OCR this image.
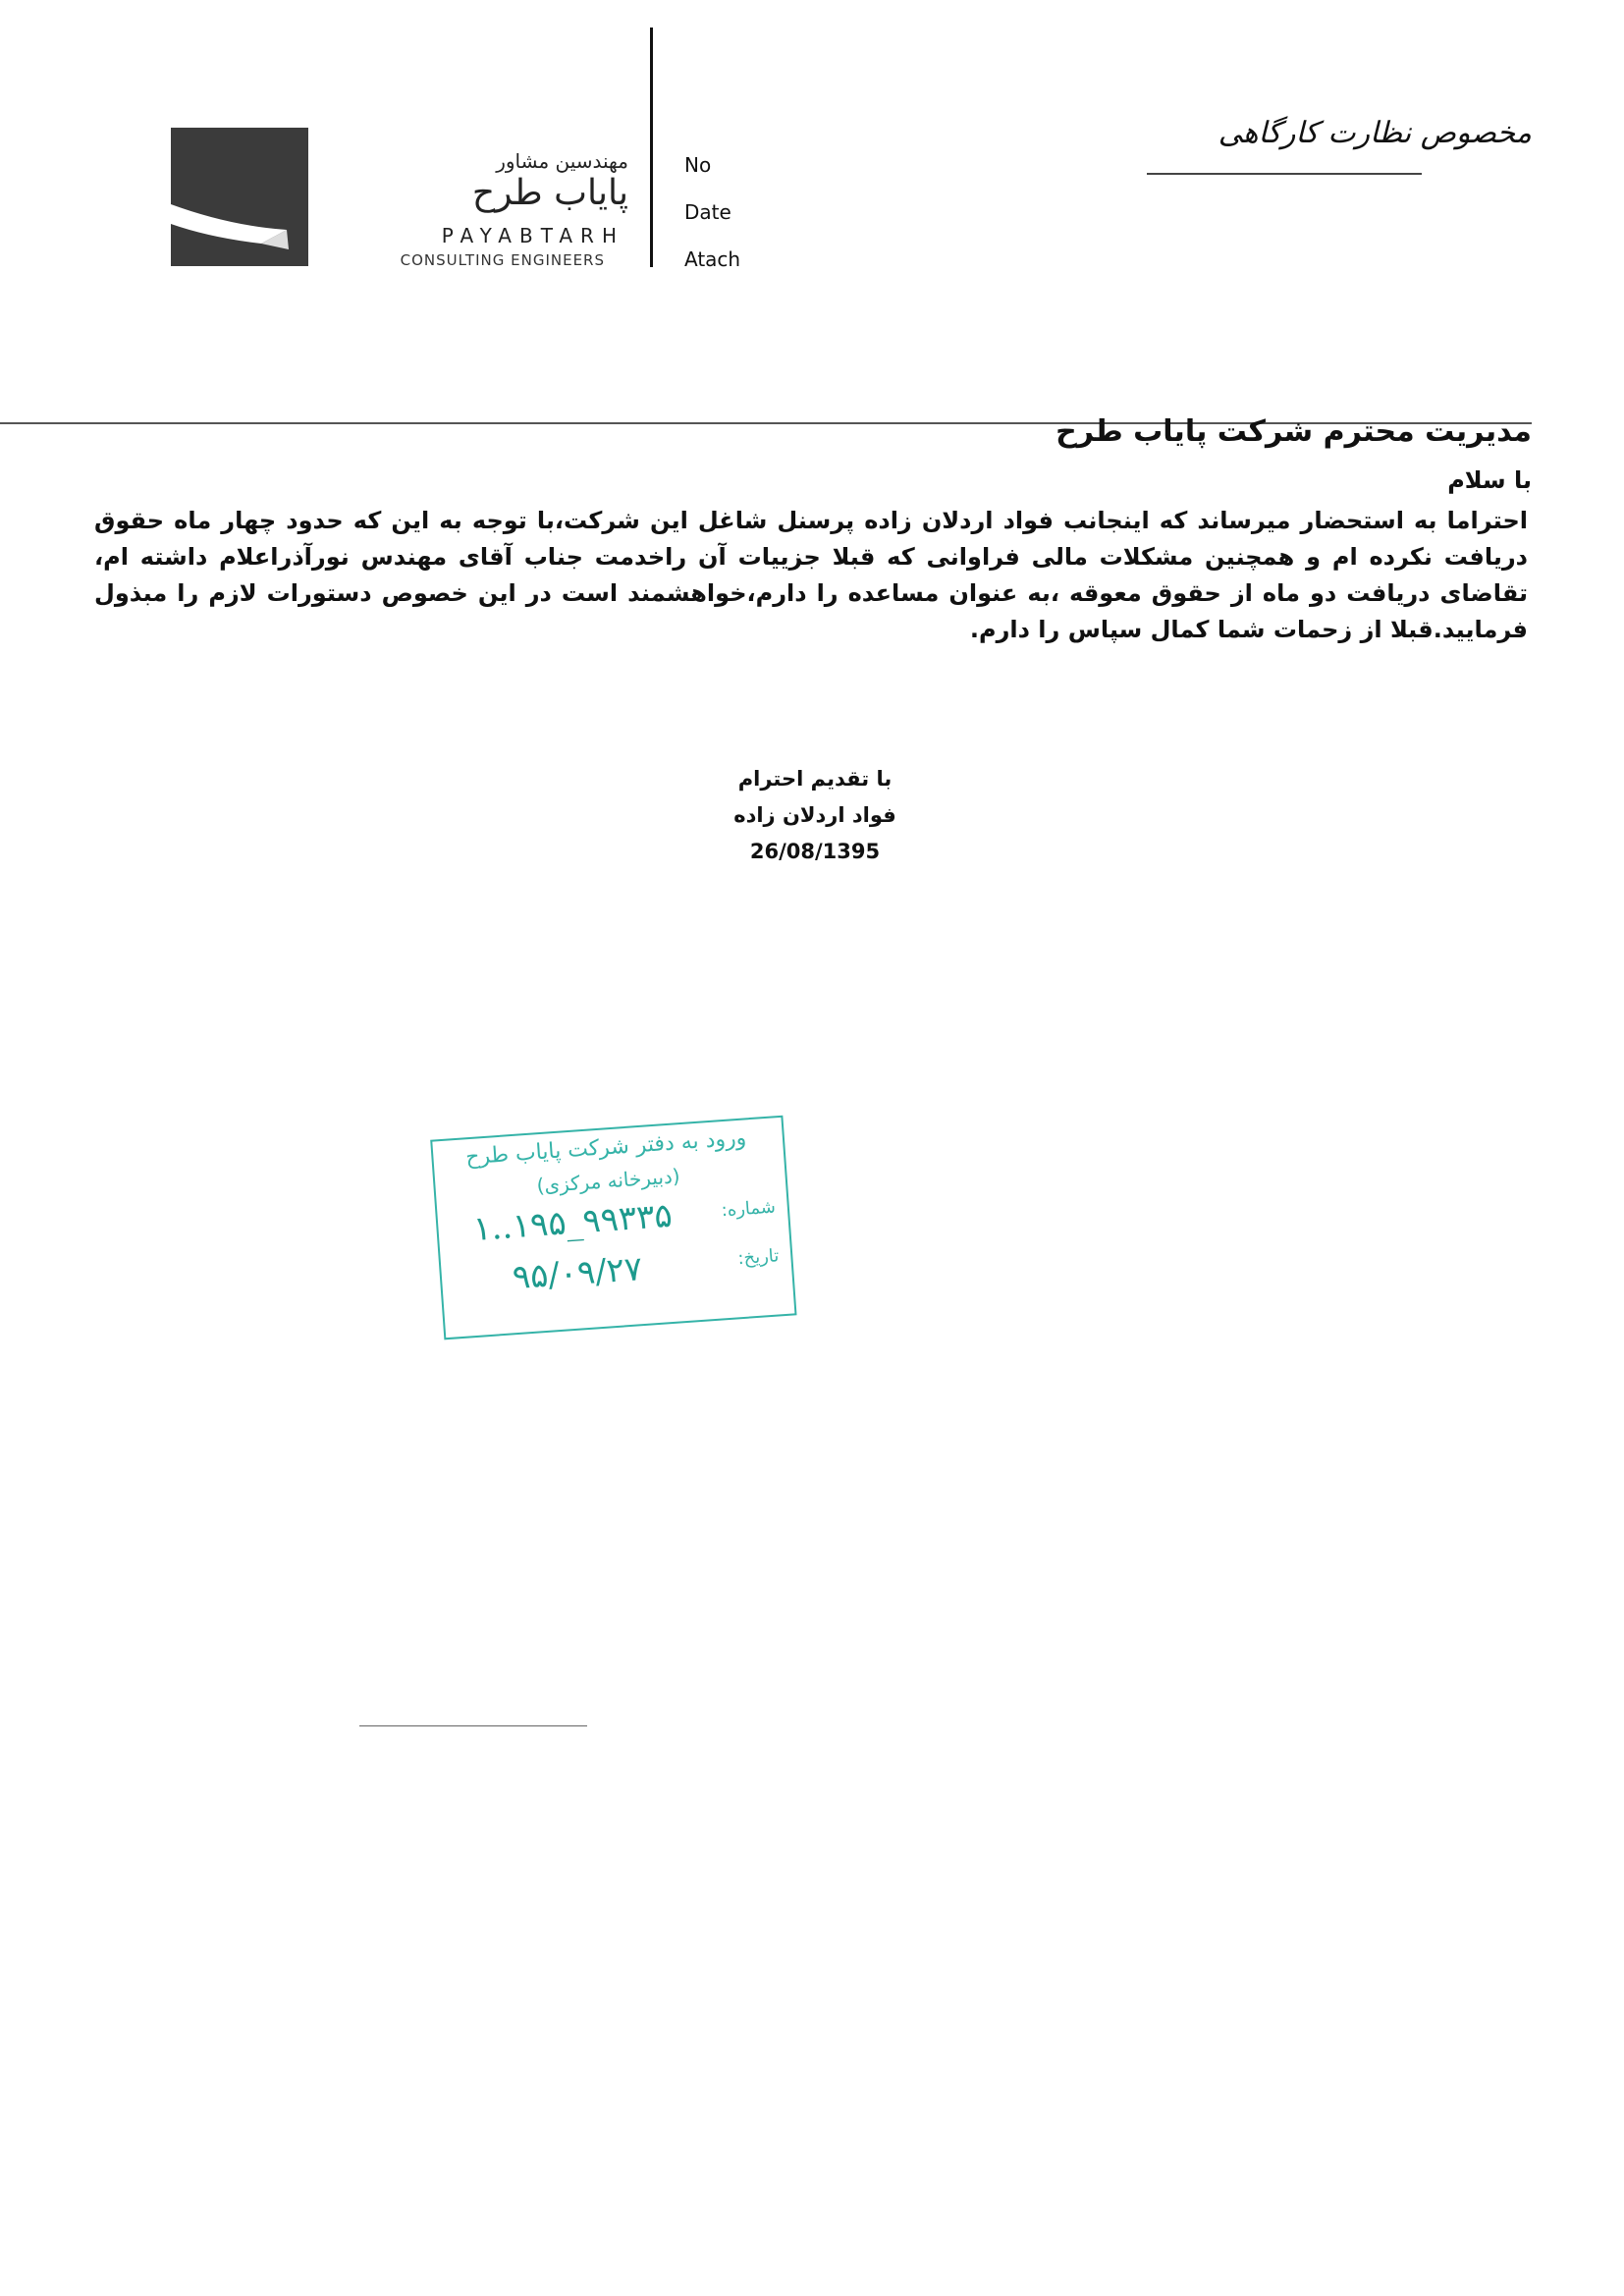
مهندسین مشاور
پایاب طرح
PAYABTARH
CONSULTING ENGINEERS
No
Date
Atach
مخصوص نظارت کارگاهی
مدیریت محترم شرکت پایاب طرح
با سلام
احتراما به استحضار میرساند که اینجانب فواد اردلان زاده پرسنل شاغل این شرکت،با توجه به این که حدود چهار ماه حقوق دریافت نکرده ام و همچنین مشکلات مالی فراوانی که قبلا جزییات آن راخدمت جناب آقای مهندس نورآذراعلام داشته ام، تقاضای دریافت دو ماه از حقوق معوقه ،به عنوان مساعده را دارم،خواهشمند است در این خصوص دستورات لازم را مبذول فرمایید.قبلا از زحمات شما کمال سپاس را دارم.
با تقدیم احترام
فواد اردلان زاده
26/08/1395
ورود به دفتر شرکت پایاب طرح
(دبیرخانه مرکزی)
شماره:
۱..۱۹۵_۹۹۳۳۵
تاریخ:
۹۵/۰۹/۲۷
